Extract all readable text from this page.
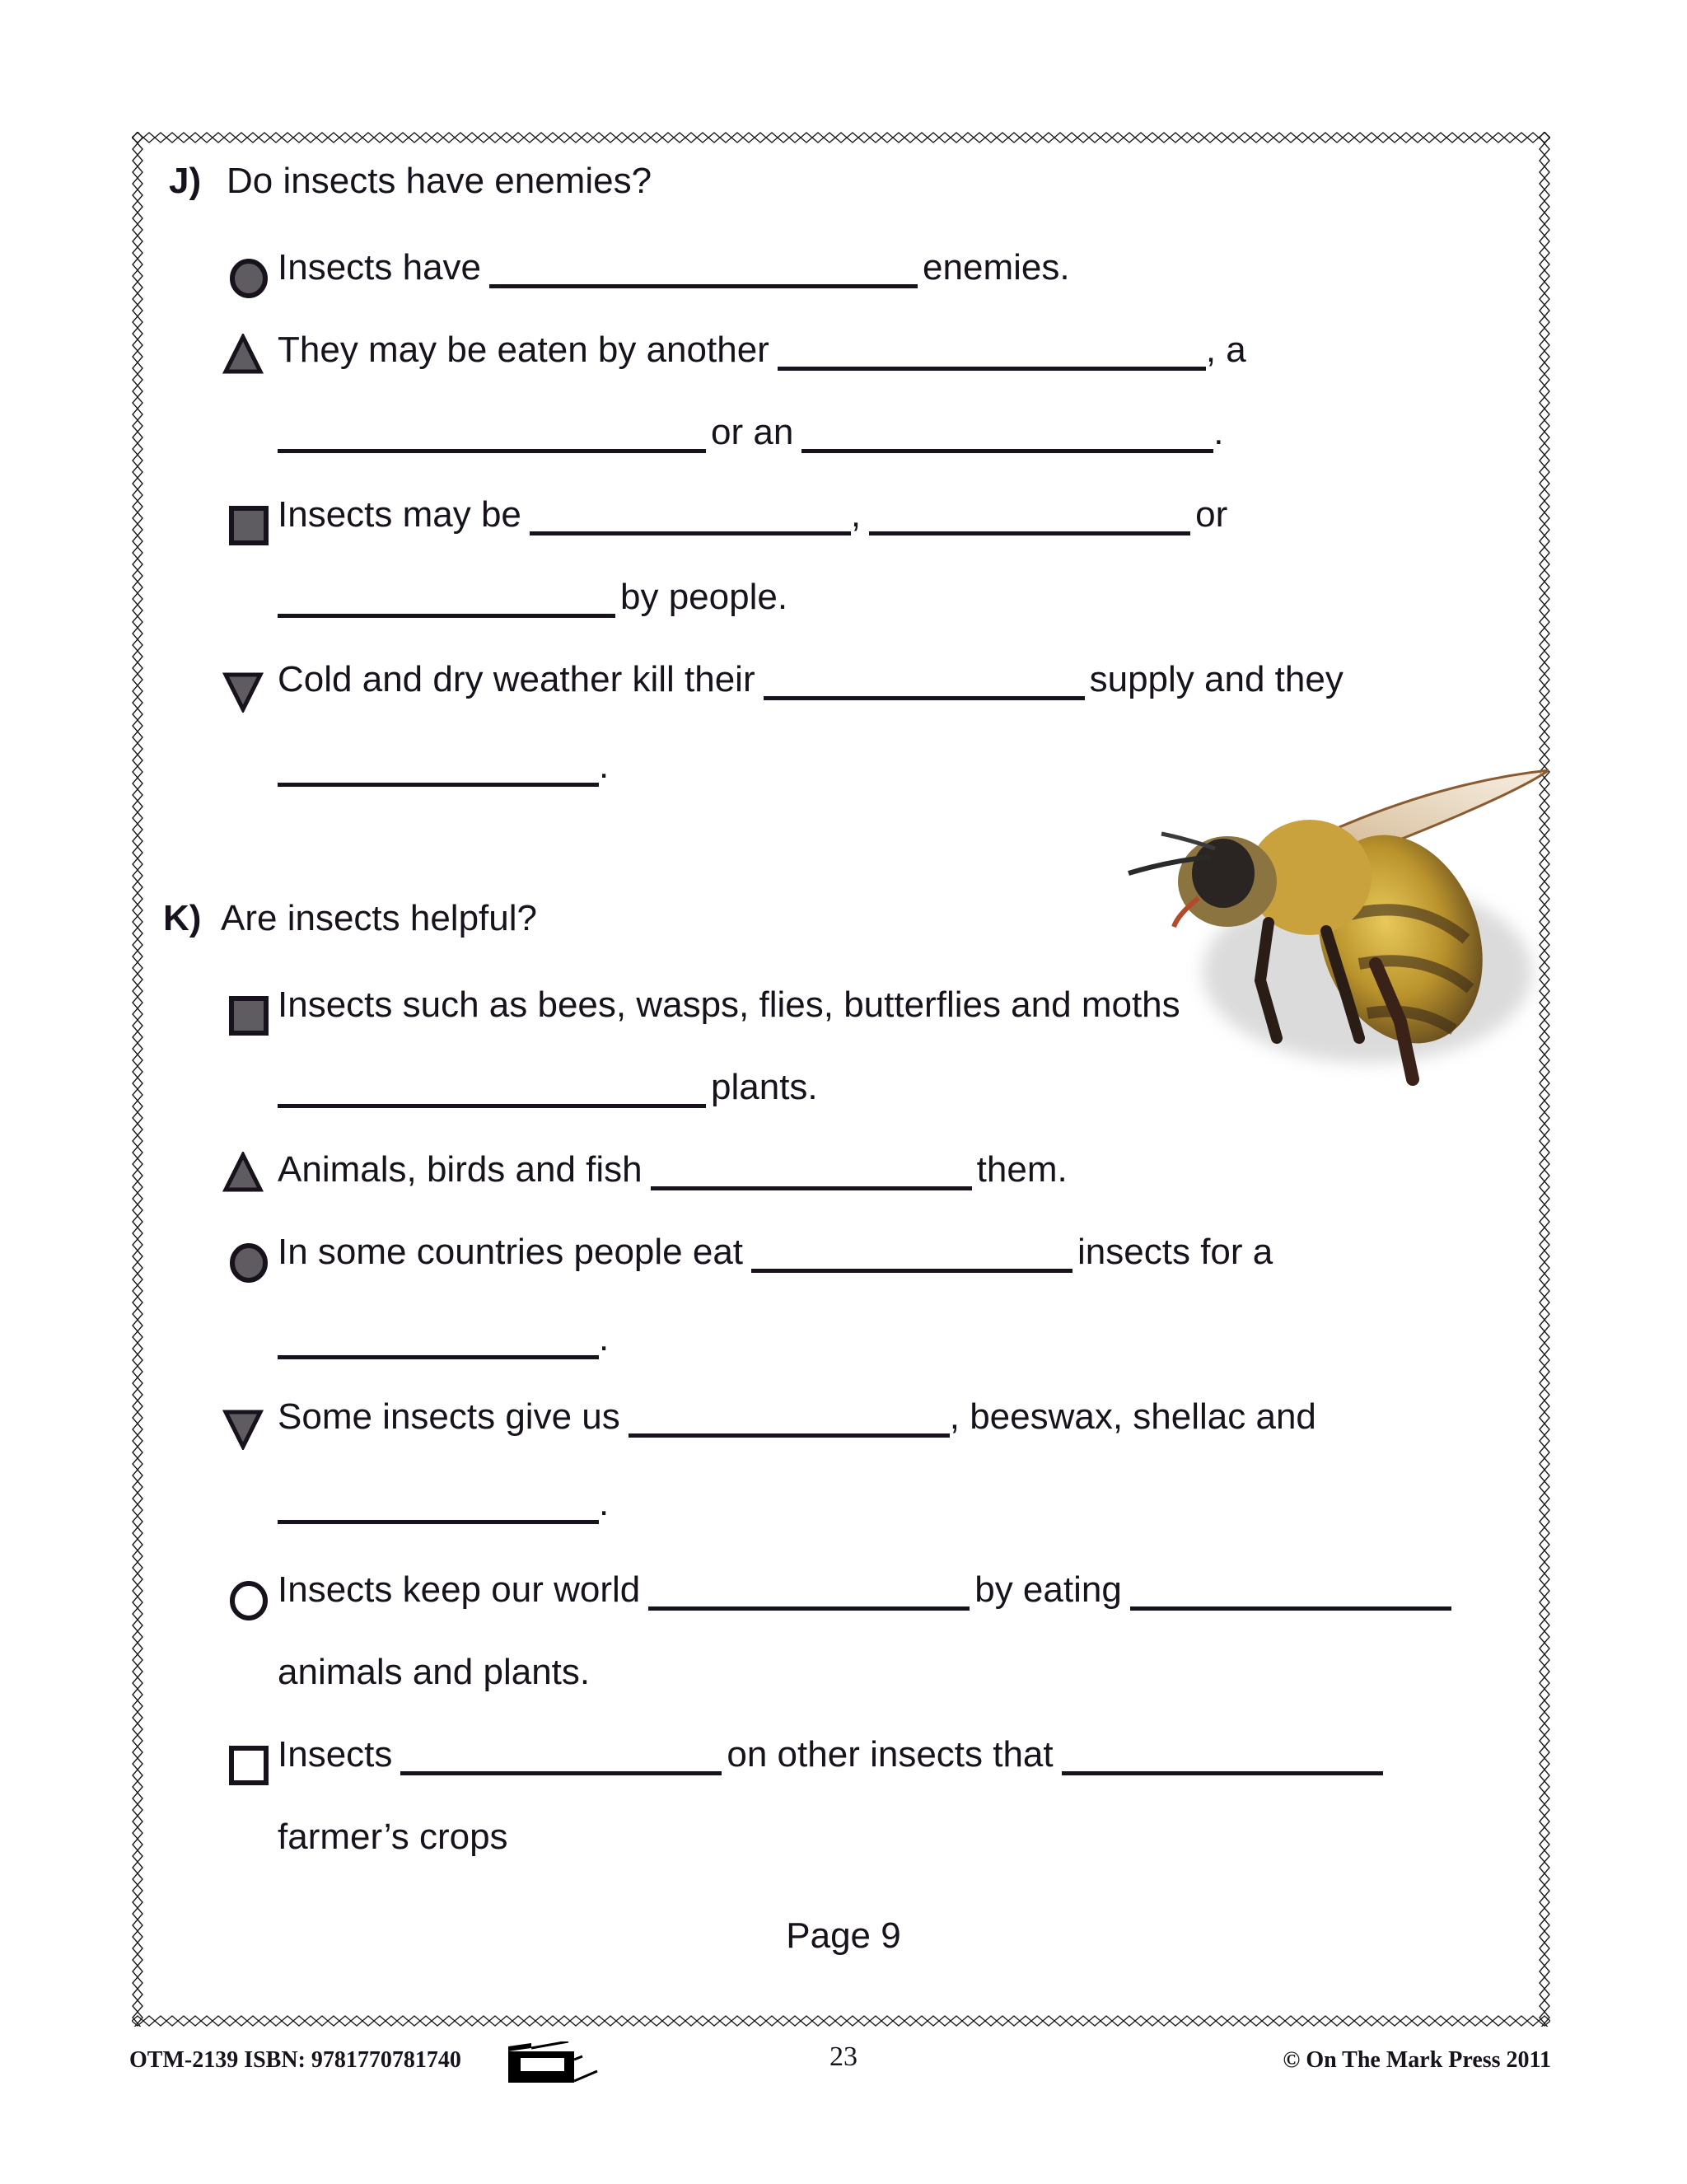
J) Do insects have enemies?
Insects have	enemies.
They may be eaten by another	, a
or an	.
Insects may be	,	or
by people.
Cold and dry weather kill their	supply and they
.
K) Are insects helpful?
Insects such as bees, wasps, flies, butterflies and moths
plants.
Animals, birds and fish	them.
In some countries people eat	insects for a
.
Some insects give us	, beeswax, shellac and
.
Insects keep our world	by eating
animals and plants.
Insects	on other insects that
farmer’s crops
Page 9
OTM-2139 ISBN: 9781770781740	23	© On The Mark Press 2011
